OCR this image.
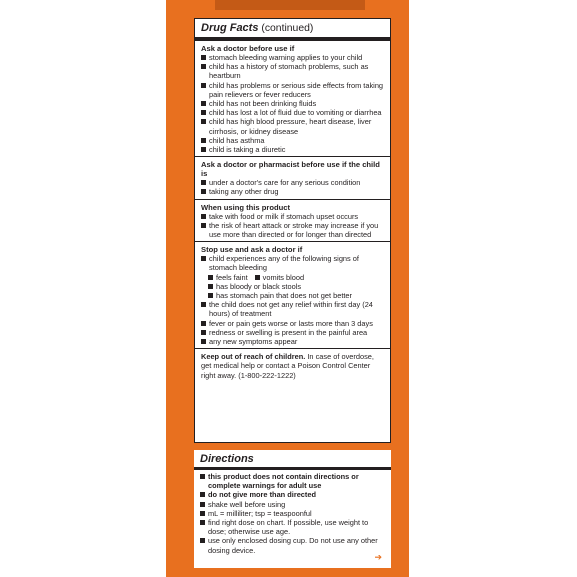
Drug Facts (continued)
Ask a doctor before use if
stomach bleeding warning applies to your child
child has a history of stomach problems, such as heartburn
child has problems or serious side effects from taking pain relievers or fever reducers
child has not been drinking fluids
child has lost a lot of fluid due to vomiting or diarrhea
child has high blood pressure, heart disease, liver cirrhosis, or kidney disease
child has asthma
child is taking a diuretic
Ask a doctor or pharmacist before use if the child is
under a doctor's care for any serious condition
taking any other drug
When using this product
take with food or milk if stomach upset occurs
the risk of heart attack or stroke may increase if you use more than directed or for longer than directed
Stop use and ask a doctor if
child experiences any of the following signs of stomach bleeding
feels faint	vomits blood
has bloody or black stools
has stomach pain that does not get better
the child does not get any relief within first day (24 hours) of treatment
fever or pain gets worse or lasts more than 3 days
redness or swelling is present in the painful area
any new symptoms appear

Keep out of reach of children. In case of overdose, get medical help or contact a Poison Control Center right away. (1-800-222-1222)

Directions
this product does not contain directions or complete warnings for adult use
do not give more than directed
shake well before using
mL = milliliter; tsp = teaspoonful
find right dose on chart. If possible, use weight to dose; otherwise use age.
use only enclosed dosing cup. Do not use any other dosing device.
➔
